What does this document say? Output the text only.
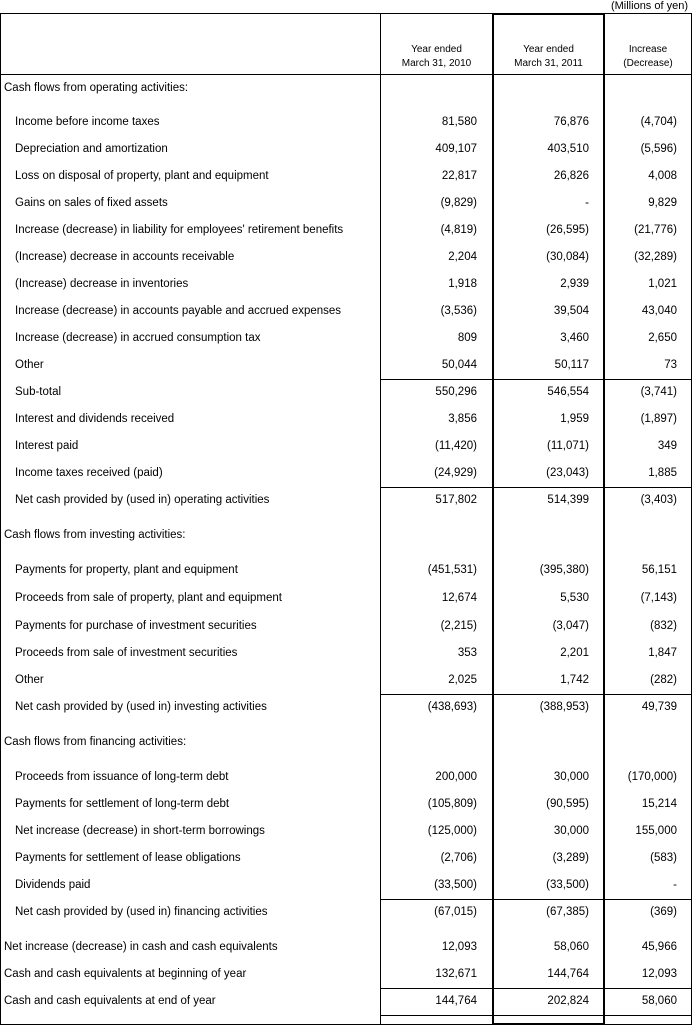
(Millions of yen)
Year ended
March 31, 2010
Year ended
March 31, 2011
Increase
(Decrease)
Cash flows from operating activities:
Income before income taxes	81,580	76,876	(4,704)
Depreciation and amortization	409,107	403,510	(5,596)
Loss on disposal of property, plant and equipment	22,817	26,826	4,008
Gains on sales of fixed assets	(9,829)	-	9,829
Increase (decrease) in liability for employees' retirement benefits	(4,819)	(26,595)	(21,776)
(Increase) decrease in accounts receivable	2,204	(30,084)	(32,289)
(Increase) decrease in inventories	1,918	2,939	1,021
Increase (decrease) in accounts payable and accrued expenses	(3,536)	39,504	43,040
Increase (decrease) in accrued consumption tax	809	3,460	2,650
Other	50,044	50,117	73
Sub-total	550,296	546,554	(3,741)
Interest and dividends received	3,856	1,959	(1,897)
Interest paid	(11,420)	(11,071)	349
Income taxes received (paid)	(24,929)	(23,043)	1,885
Net cash provided by (used in) operating activities	517,802	514,399	(3,403)
Cash flows from investing activities:
Payments for property, plant and equipment	(451,531)	(395,380)	56,151
Proceeds from sale of property, plant and equipment	12,674	5,530	(7,143)
Payments for purchase of investment securities	(2,215)	(3,047)	(832)
Proceeds from sale of investment securities	353	2,201	1,847
Other	2,025	1,742	(282)
Net cash provided by (used in) investing activities	(438,693)	(388,953)	49,739
Cash flows from financing activities:
Proceeds from issuance of long-term debt	200,000	30,000	(170,000)
Payments for settlement of long-term debt	(105,809)	(90,595)	15,214
Net increase (decrease) in short-term borrowings	(125,000)	30,000	155,000
Payments for settlement of lease obligations	(2,706)	(3,289)	(583)
Dividends paid	(33,500)	(33,500)	-
Net cash provided by (used in) financing activities	(67,015)	(67,385)	(369)
Net increase (decrease) in cash and cash equivalents	12,093	58,060	45,966
Cash and cash equivalents at beginning of year	132,671	144,764	12,093
Cash and cash equivalents at end of year	144,764	202,824	58,060
